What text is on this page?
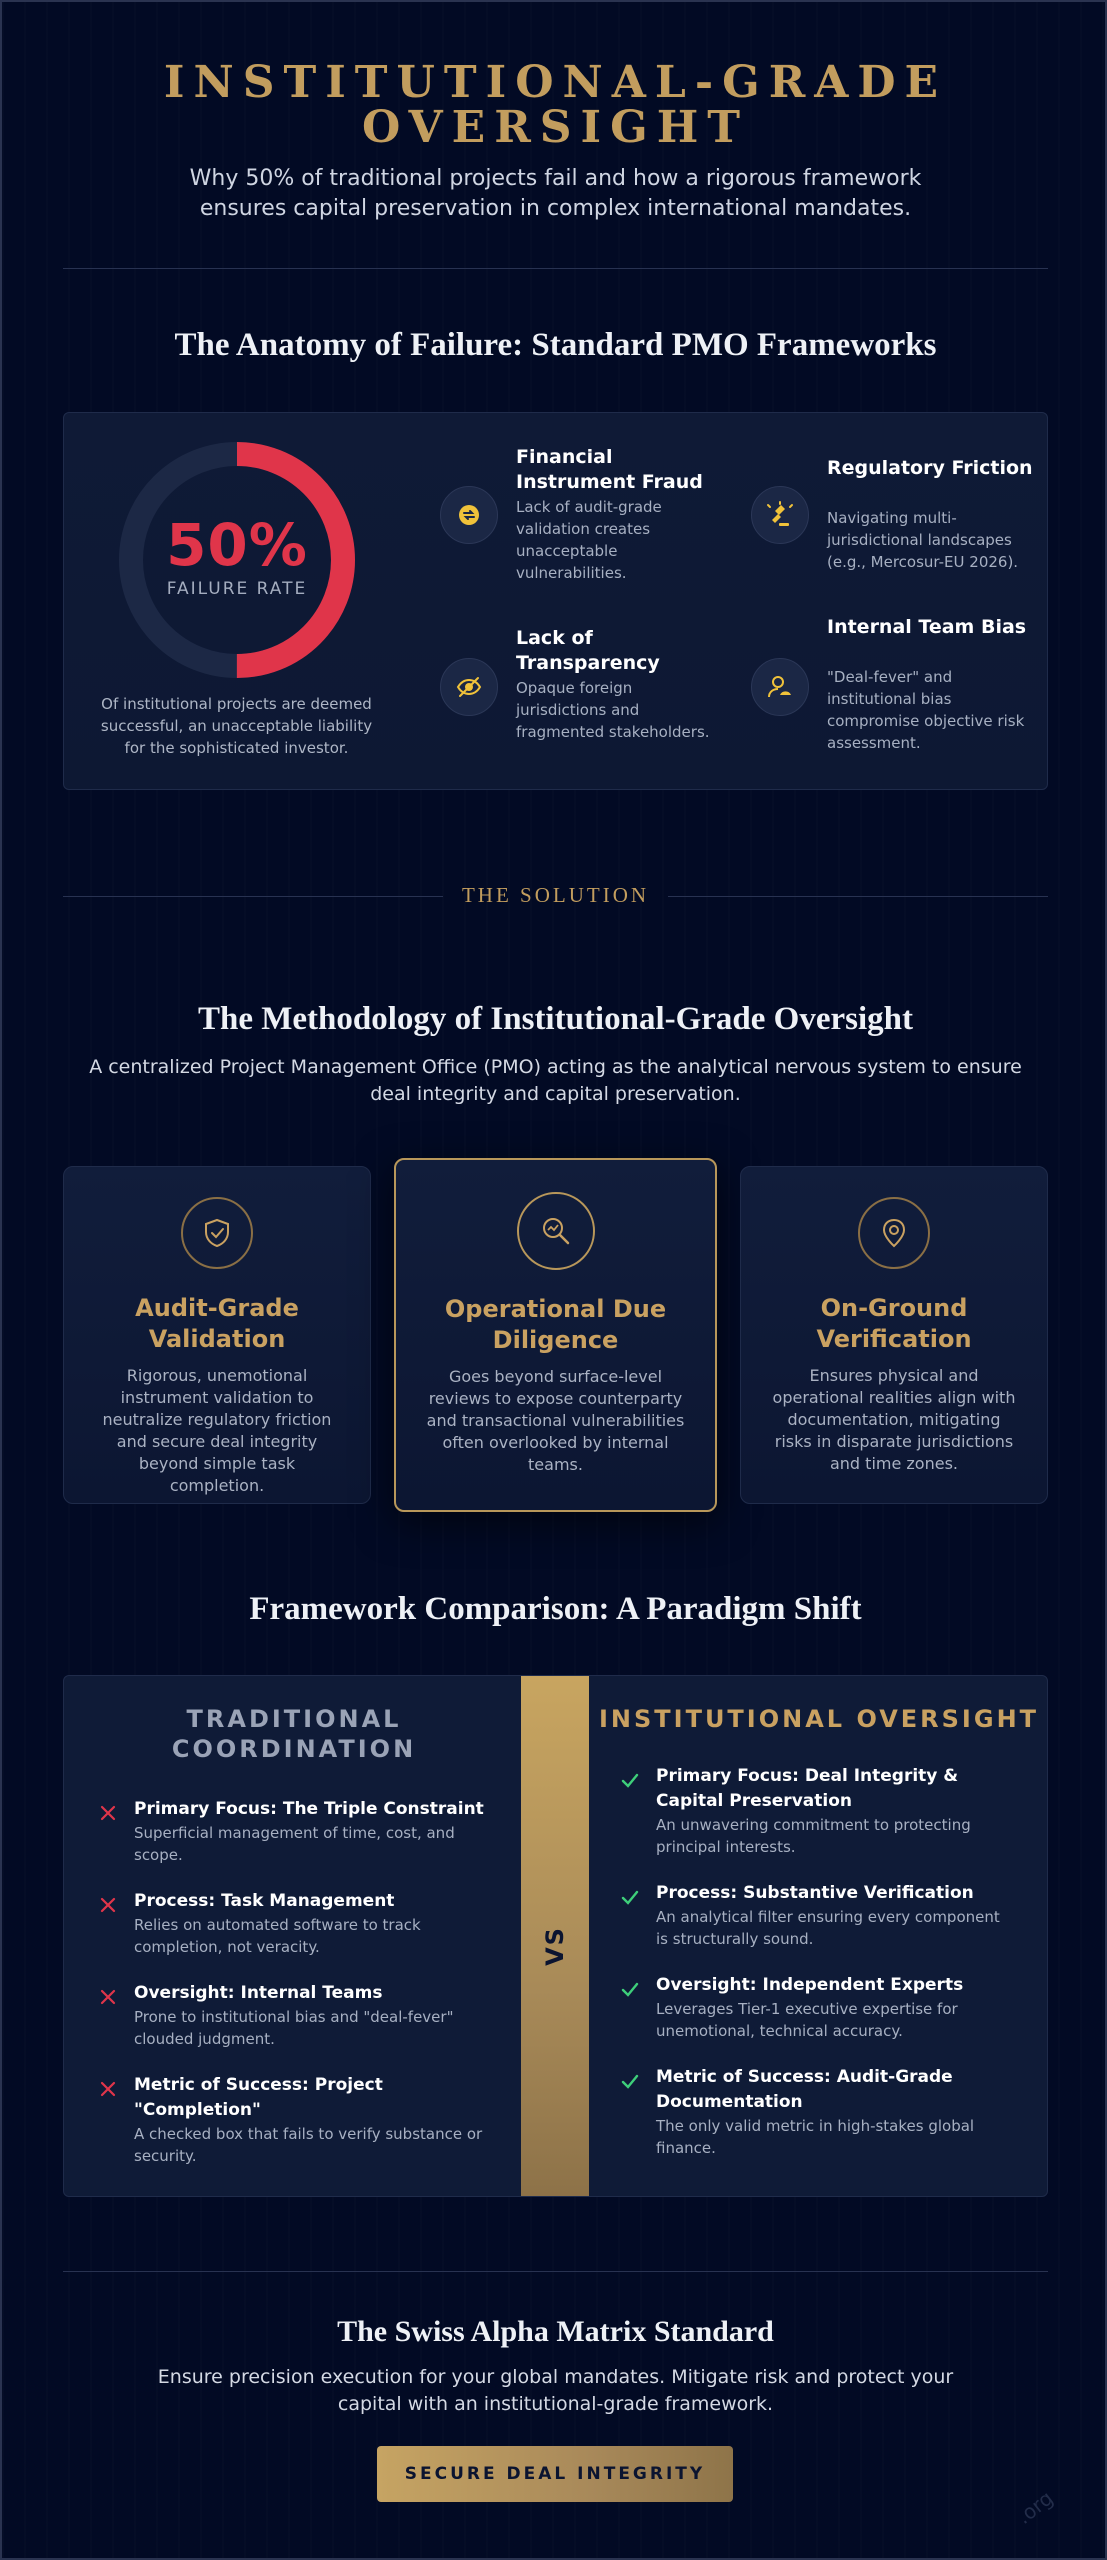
INSTITUTIONAL-GRADE
OVERSIGHT

Why 50% of traditional projects fail and how a rigorous framework ensures capital preservation in complex international mandates.

The Anatomy of Failure: Standard PMO Frameworks
50%
FAILURE RATE

Of institutional projects are deemed successful, an unacceptable liability for the sophisticated investor.

Financial Instrument Fraud
Lack of audit-grade validation creates unacceptable vulnerabilities.
Regulatory Friction
Navigating multi-jurisdictional landscapes (e.g., Mercosur-EU 2026).
Lack of Transparency
Opaque foreign jurisdictions and fragmented stakeholders.
Internal Team Bias
"Deal-fever" and institutional bias compromise objective risk assessment.
THE SOLUTION
The Methodology of Institutional-Grade Oversight

A centralized Project Management Office (PMO) acting as the analytical nervous system to ensure deal integrity and capital preservation.

Audit-Grade Validation
Rigorous, unemotional instrument validation to neutralize regulatory friction and secure deal integrity beyond simple task completion.
Operational Due Diligence
Goes beyond surface-level reviews to expose counterparty and transactional vulnerabilities often overlooked by internal teams.
On-Ground Verification
Ensures physical and operational realities align with documentation, mitigating risks in disparate jurisdictions and time zones.
Framework Comparison: A Paradigm Shift
TRADITIONAL
COORDINATION
INSTITUTIONAL OVERSIGHT
VS
Primary Focus: The Triple Constraint
Superficial management of time, cost, and scope.
Process: Task Management
Relies on automated software to track completion, not veracity.
Oversight: Internal Teams
Prone to institutional bias and "deal-fever" clouded judgment.
Metric of Success: Project "Completion"
A checked box that fails to verify substance or security.
Primary Focus: Deal Integrity & Capital Preservation
An unwavering commitment to protecting principal interests.
Process: Substantive Verification
An analytical filter ensuring every component is structurally sound.
Oversight: Independent Experts
Leverages Tier-1 executive expertise for unemotional, technical accuracy.
Metric of Success: Audit-Grade Documentation
The only valid metric in high-stakes global finance.
The Swiss Alpha Matrix Standard

Ensure precision execution for your global mandates. Mitigate risk and protect your capital with an institutional-grade framework.

SECURE DEAL INTEGRITY
.org
